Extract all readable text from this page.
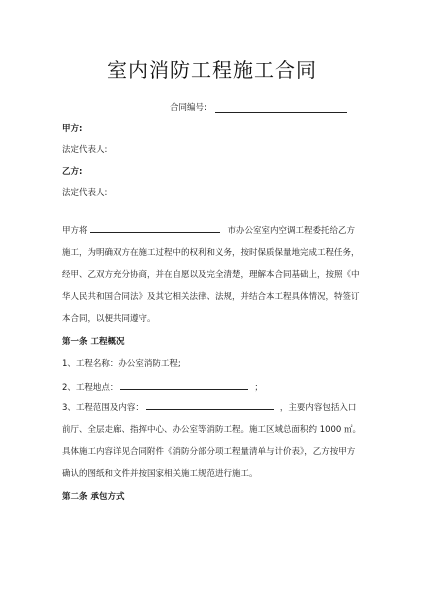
室内消防工程施工合同
合同编号:
甲方:
法定代表人:
乙方:
法定代表人:
甲方将	市办公室室内空调工程委托给乙方
施工，为明确双方在施工过程中的权利和义务，按时保质保量地完成工程任务，
经甲、乙双方充分协商，并在自愿以及完全清楚，理解本合同基础上，按照《中
华人民共和国合同法》及其它相关法律、法规，并结合本工程具体情况，特签订
本合同，以便共同遵守。
第一条 工程概况
1、工程名称：办公室消防工程;
2、工程地点：	；
3、工程范围及内容：	，主要内容包括入口
前厅、全层走廊、指挥中心、办公室等消防工程。施工区域总面积约 1000 ㎡。
具体施工内容详见合同附件《消防分部分项工程量清单与计价表》，乙方按甲方
确认的图纸和文件并按国家相关施工规范进行施工。
第二条 承包方式
